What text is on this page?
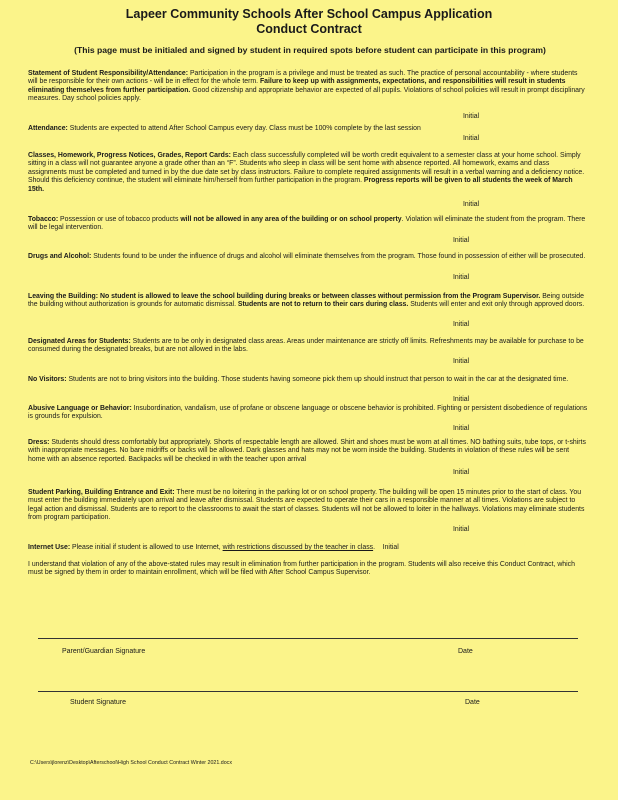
Lapeer Community Schools After School Campus Application
Conduct Contract
(This page must be initialed and signed by student in required spots before student can participate in this program)
Statement of Student Responsibility/Attendance: Participation in the program is a privilege and must be treated as such. The practice of personal accountability - where students will be responsible for their own actions - will be in effect for the whole term. Failure to keep up with assignments, expectations, and responsibilities will result in students eliminating themselves from further participation. Good citizenship and appropriate behavior are expected of all pupils. Violations of school policies will result in prompt disciplinary measures. Day school policies apply.
Initial
Attendance: Students are expected to attend After School Campus every day. Class must be 100% complete by the last session
Initial
Classes, Homework, Progress Notices, Grades, Report Cards: Each class successfully completed will be worth credit equivalent to a semester class at your home school. Simply sitting in a class will not guarantee anyone a grade other than an “F”. Students who sleep in class will be sent home with absence reported. All homework, exams and class assignments must be completed and turned in by the due date set by class instructors. Failure to complete required assignments will result in a verbal warning and a deficiency notice. Should this deficiency continue, the student will eliminate him/herself from further participation in the program. Progress reports will be given to all students the week of March 15th.
Initial
Tobacco: Possession or use of tobacco products will not be allowed in any area of the building or on school property. Violation will eliminate the student from the program. There will be legal intervention.
Initial
Drugs and Alcohol: Students found to be under the influence of drugs and alcohol will eliminate themselves from the program. Those found in possession of either will be prosecuted.
Initial
Leaving the Building: No student is allowed to leave the school building during breaks or between classes without permission from the Program Supervisor. Being outside the building without authorization is grounds for automatic dismissal. Students are not to return to their cars during class. Students will enter and exit only through approved doors.
Initial
Designated Areas for Students: Students are to be only in designated class areas. Areas under maintenance are strictly off limits. Refreshments may be available for purchase to be consumed during the designated breaks, but are not allowed in the labs.
Initial
No Visitors: Students are not to bring visitors into the building. Those students having someone pick them up should instruct that person to wait in the car at the designated time.
Initial
Abusive Language or Behavior: Insubordination, vandalism, use of profane or obscene language or obscene behavior is prohibited. Fighting or persistent disobedience of regulations is grounds for expulsion.
Initial
Dress: Students should dress comfortably but appropriately. Shorts of respectable length are allowed. Shirt and shoes must be worn at all times. NO bathing suits, tube tops, or t-shirts with inappropriate messages. No bare midriffs or backs will be allowed. Dark glasses and hats may not be worn inside the building. Students in violation of these rules will be sent home with an absence reported. Backpacks will be checked in with the teacher upon arrival
Initial
Student Parking, Building Entrance and Exit: There must be no loitering in the parking lot or on school property. The building will be open 15 minutes prior to the start of class. You must enter the building immediately upon arrival and leave after dismissal. Students are expected to operate their cars in a responsible manner at all times. Violations are subject to legal action and dismissal. Students are to report to the classrooms to await the start of classes. Students will not be allowed to loiter in the hallways. Violations may eliminate students from program participation.
Initial
Internet Use: Please initial if student is allowed to use Internet, with restrictions discussed by the teacher in class. Initial
I understand that violation of any of the above-stated rules may result in elimination from further participation in the program. Students will also receive this Conduct Contract, which must be signed by them in order to maintain enrollment, which will be filed with After School Campus Supervisor.
Parent/Guardian Signature	Date
Student Signature	Date
C:\Users\jlorenz\Desktop\Afterschool\High School Conduct Contract Winter 2021.docx
